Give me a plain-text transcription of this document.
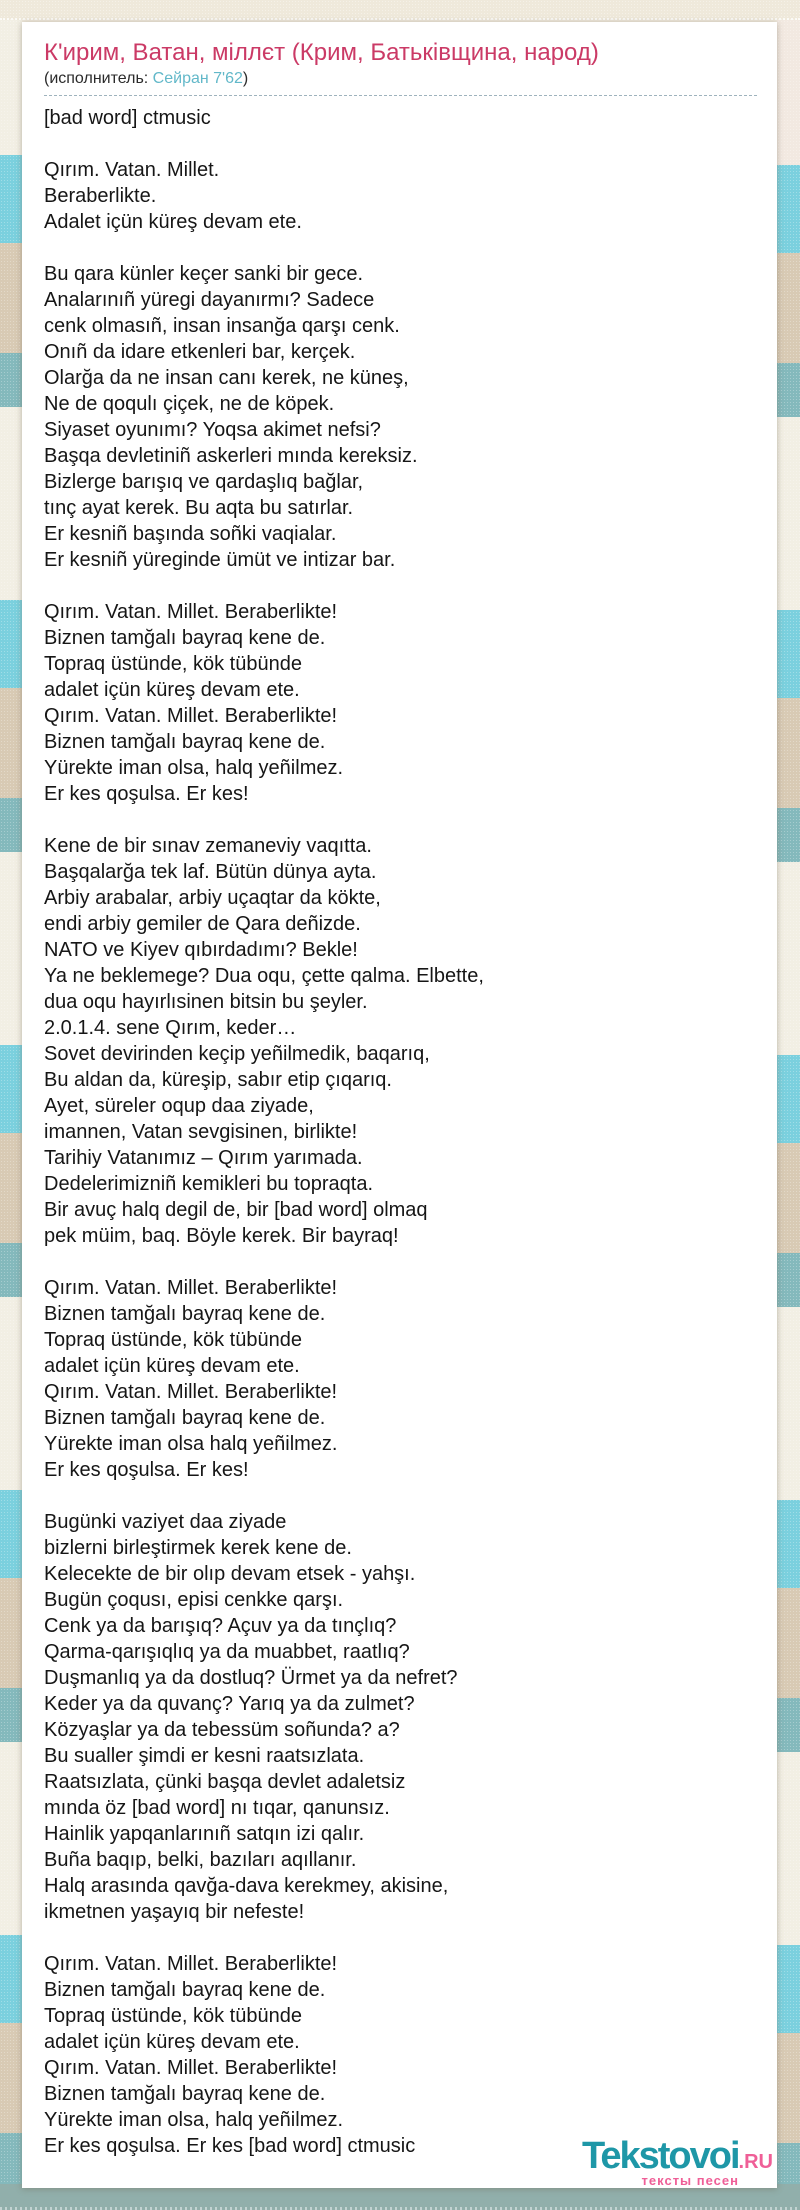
К'ирим, Ватан, міллєт (Крим, Батьківщина, народ)
(исполнитель: Сейран 7'62)
[bad word] ctmusic
Qırım. Vatan. Millet.
Beraberlikte.
Adalet içün küreş devam ete.
Bu qara künler keçer sanki bir gece.
Analarınıñ yüregi dayanırmı? Sadece
cenk olmasıñ, insan insanğa qarşı cenk.
Onıñ da idare etkenleri bar, kerçek.
Olarğa da ne insan canı kerek, ne küneş,
Ne de qoqulı çiçek, ne de köpek.
Siyaset oyunımı? Yoqsa akimet nefsi?
Başqa devletiniñ askerleri mında kereksiz.
Bizlerge barışıq ve qardaşlıq bağlar,
tınç ayat kerek. Bu aqta bu satırlar.
Er kesniñ başında soñki vaqialar.
Er kesniñ yüreginde ümüt ve intizar bar.
Qırım. Vatan. Millet. Beraberlikte!
Biznen tamğalı bayraq kene de.
Topraq üstünde, kök tübünde
adalet içün küreş devam ete.
Qırım. Vatan. Millet. Beraberlikte!
Biznen tamğalı bayraq kene de.
Yürekte iman olsa, halq yeñilmez.
Er kes qoşulsa. Er kes!
Kene de bir sınav zemaneviy vaqıtta.
Başqalarğa tek laf. Bütün dünya ayta.
Arbiy arabalar, arbiy uçaqtar da kökte,
endi arbiy gemiler de Qara deñizde.
NATO ve Kiyev qıbırdadımı? Bekle!
Ya ne beklemege? Dua oqu, çette qalma. Elbette,
dua oqu hayırlısinen bitsin bu şeyler.
2.0.1.4. sene Qırım, keder…
Sovet devirinden keçip yeñilmedik, baqarıq,
Bu aldan da, küreşip, sabır etip çıqarıq.
Ayet, süreler oqup daa ziyade,
imannen, Vatan sevgisinen, birlikte!
Tarihiy Vatanımız – Qırım yarımada.
Dedelerimizniñ kemikleri bu topraqta.
Bir avuç halq degil de, bir [bad word] olmaq
pek müim, baq. Böyle kerek. Bir bayraq!
Qırım. Vatan. Millet. Beraberlikte!
Biznen tamğalı bayraq kene de.
Topraq üstünde, kök tübünde
adalet içün küreş devam ete.
Qırım. Vatan. Millet. Beraberlikte!
Biznen tamğalı bayraq kene de.
Yürekte iman olsa halq yeñilmez.
Er kes qoşulsa. Er kes!
Bugünki vaziyet daa ziyade
bizlerni birleştirmek kerek kene de.
Kelecekte de bir olıp devam etsek - yahşı.
Bugün çoqusı, episi cenkke qarşı.
Cenk ya da barışıq? Açuv ya da tınçlıq?
Qarma-qarışıqlıq ya da muabbet, raatlıq?
Duşmanlıq ya da dostluq? Ürmet ya da nefret?
Keder ya da quvanç? Yarıq ya da zulmet?
Közyaşlar ya da tebessüm soñunda? a?
Bu sualler şimdi er kesni raatsızlata.
Raatsızlata, çünki başqa devlet adaletsiz
mında öz [bad word] nı tıqar, qanunsız.
Hainlik yapqanlarınıñ satqın izi qalır.
Buña baqıp, belki, bazıları aqıllanır.
Halq arasında qavğa-dava kerekmey, akisine,
ikmetnen yaşayıq bir nefeste!
Qırım. Vatan. Millet. Beraberlikte!
Biznen tamğalı bayraq kene de.
Topraq üstünde, kök tübünde
adalet içün küreş devam ete.
Qırım. Vatan. Millet. Beraberlikte!
Biznen tamğalı bayraq kene de.
Yürekte iman olsa, halq yeñilmez.
Er kes qoşulsa. Er kes [bad word] ctmusic	Tekstovoi.RU
тексты песен
